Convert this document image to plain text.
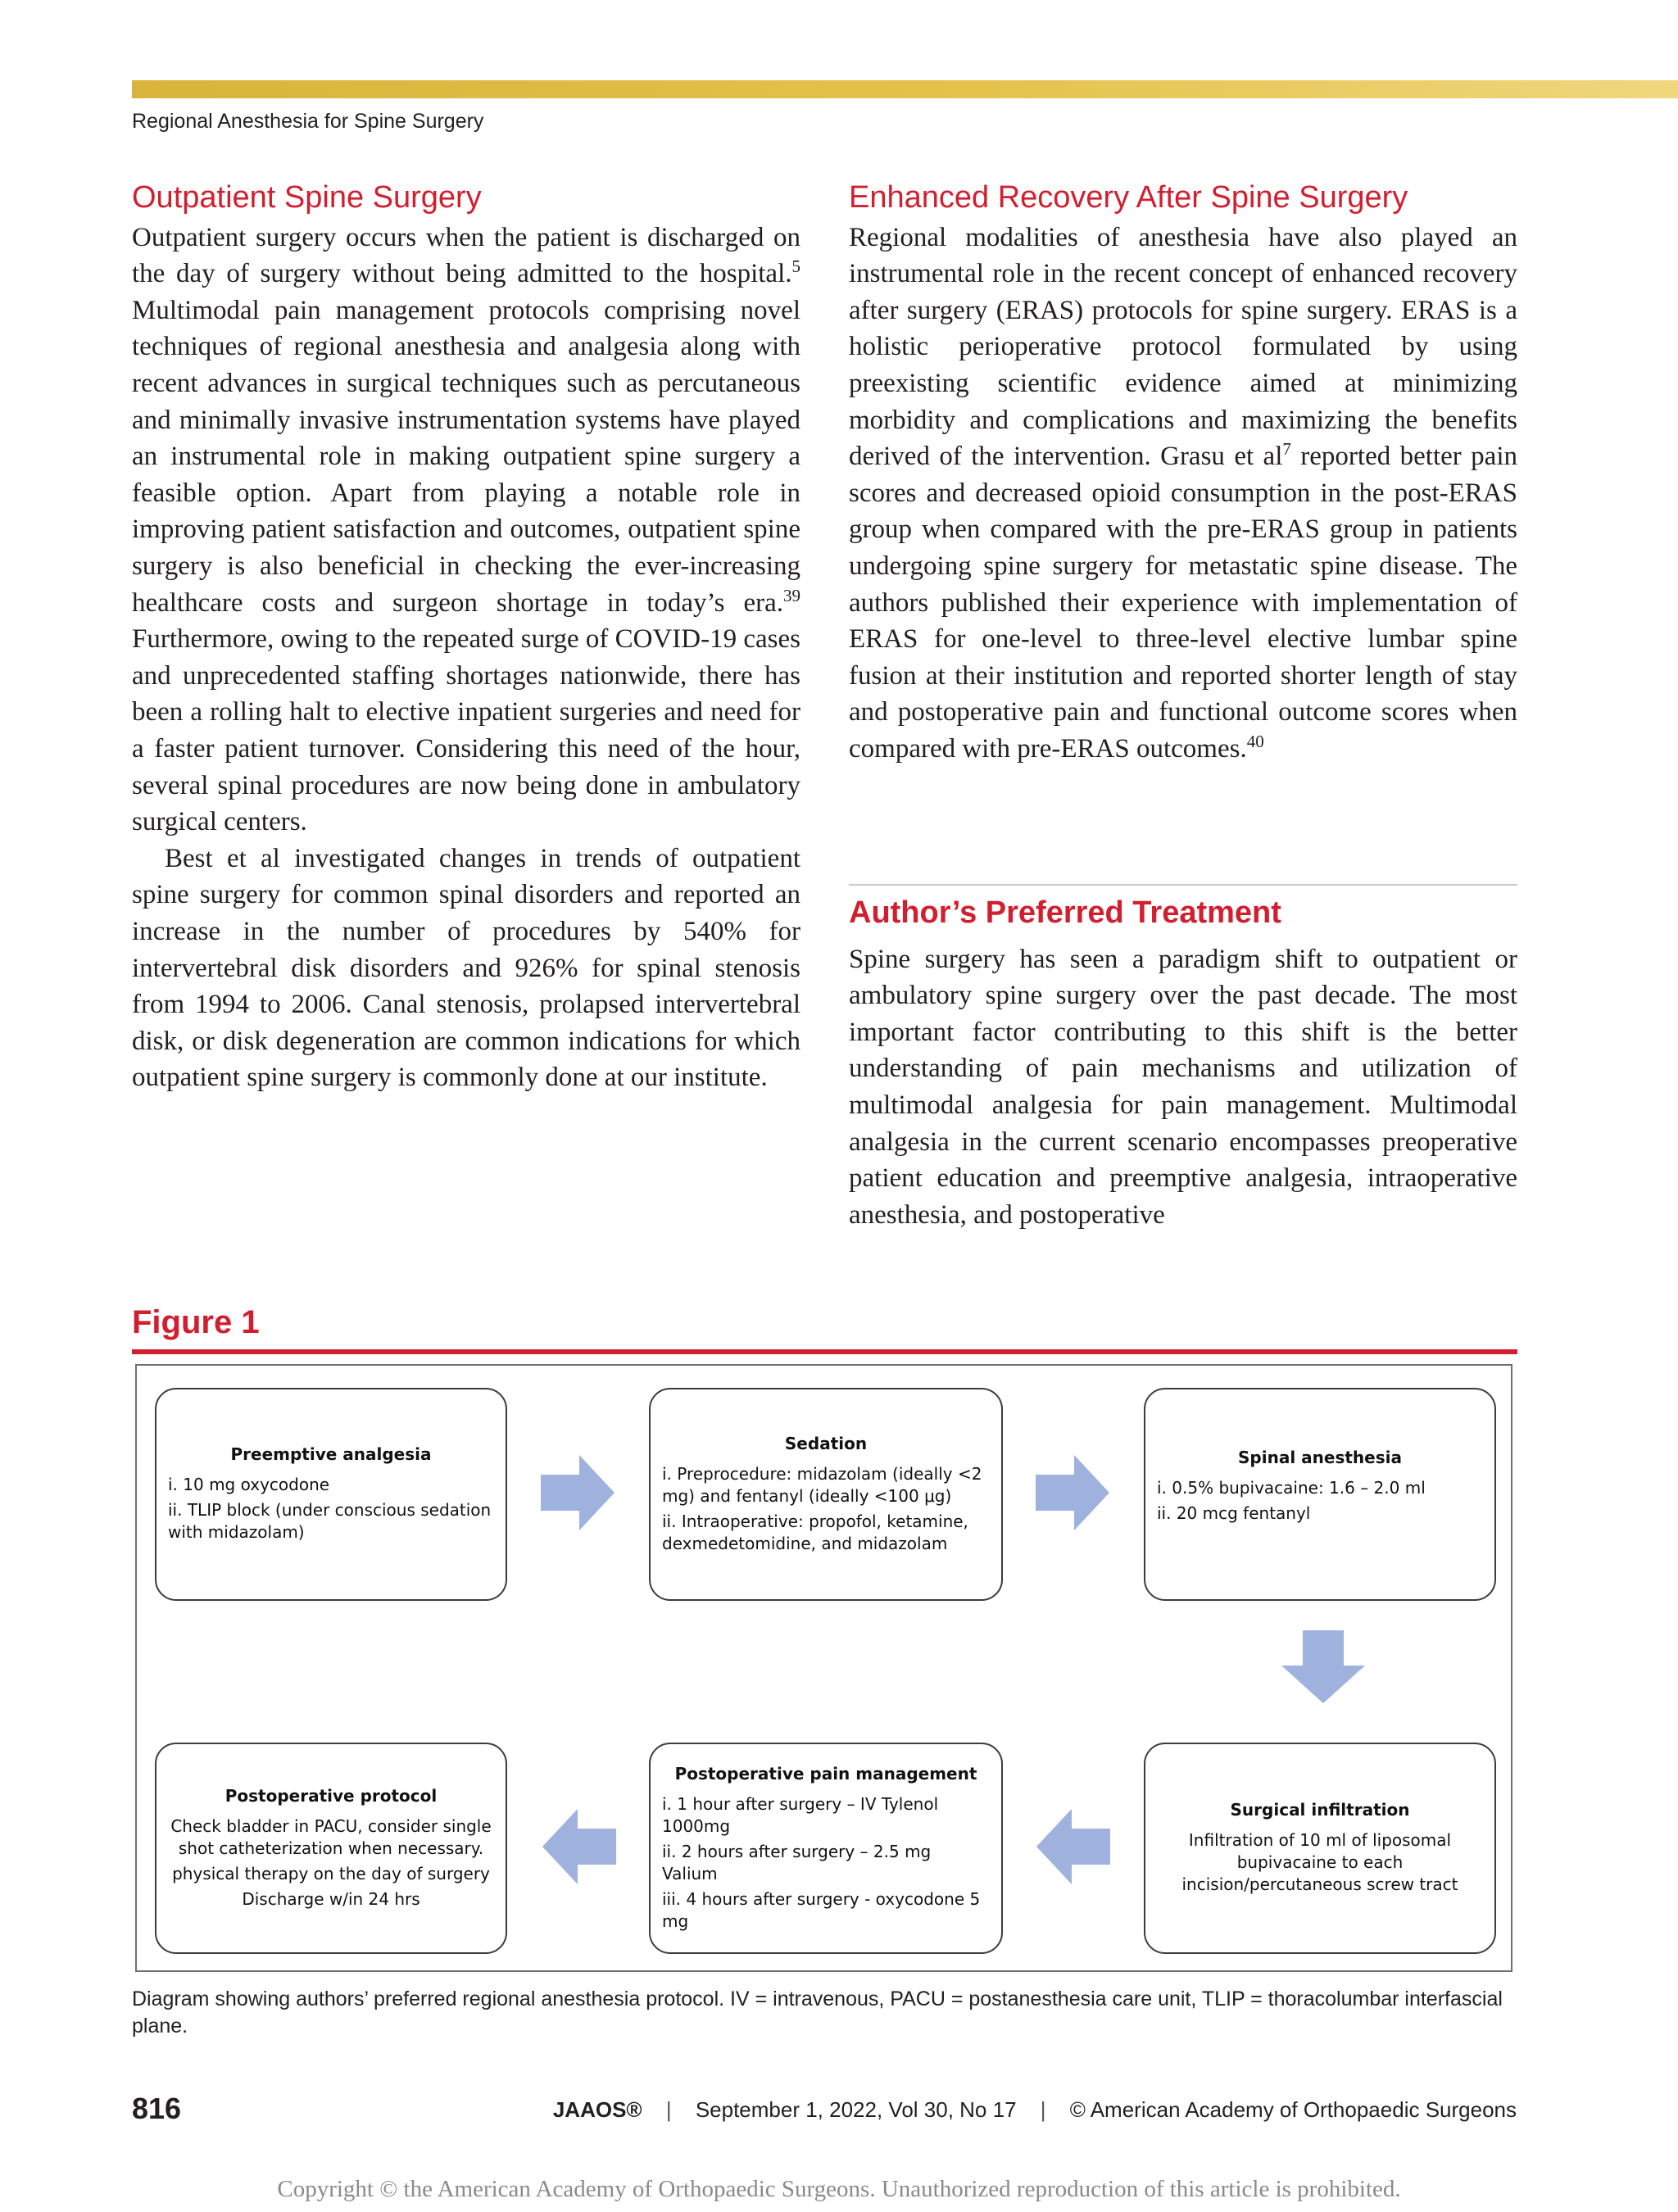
Regional Anesthesia for Spine Surgery
Outpatient Spine Surgery

Outpatient surgery occurs when the patient is discharged on the day of surgery without being admitted to the hospital.$^5$ Multimodal pain management protocols comprising novel techniques of regional anesthesia and analgesia along with recent advances in surgical techniques such as percutaneous and minimally invasive instrumentation systems have played an instrumental role in making outpatient spine surgery a feasible option. Apart from playing a notable role in improving patient satisfaction and outcomes, outpatient spine surgery is also beneficial in checking the ever-increasing healthcare costs and surgeon shortage in today’s era.$^{39}$ Furthermore, owing to the repeated surge of COVID-19 cases and unprecedented staffing shortages nationwide, there has been a rolling halt to elective inpatient surgeries and need for a faster patient turnover. Considering this need of the hour, several spinal procedures are now being done in ambulatory surgical centers.

Best et al investigated changes in trends of outpatient spine surgery for common spinal disorders and reported an increase in the number of procedures by 540% for intervertebral disk disorders and 926% for spinal stenosis from 1994 to 2006. Canal stenosis, prolapsed intervertebral disk, or disk degeneration are common indications for which outpatient spine surgery is commonly done at our institute.

Enhanced Recovery After Spine Surgery

Regional modalities of anesthesia have also played an instrumental role in the recent concept of enhanced recovery after surgery (ERAS) protocols for spine surgery. ERAS is a holistic perioperative protocol formulated by using preexisting scientific evidence aimed at minimizing morbidity and complications and maximizing the benefits derived of the intervention. Grasu et $al^7$ reported better pain scores and decreased opioid consumption in the post-ERAS group when compared with the pre-ERAS group in patients undergoing spine surgery for metastatic spine disease. The authors published their experience with implementation of ERAS for one-level to three-level elective lumbar spine fusion at their institution and reported shorter length of stay and postoperative pain and functional outcome scores when compared with pre-ERAS outcomes.$^{40}$

Author’s Preferred Treatment

Spine surgery has seen a paradigm shift to outpatient or ambulatory spine surgery over the past decade. The most important factor contributing to this shift is the better understanding of pain mechanisms and utilization of multimodal analgesia for pain management. Multimodal analgesia in the current scenario encompasses preoperative patient education and preemptive analgesia, intraoperative anesthesia, and postoperative

Figure 1
Preemptive analgesia
i. 10 mg oxycodone
ii. TLIP block (under conscious sedation with midazolam)
Sedation
i. Preprocedure: midazolam (ideally <2 mg) and fentanyl (ideally <100 μg)
ii. Intraoperative: propofol, ketamine, dexmedetomidine, and midazolam
Spinal anesthesia
i. 0.5% bupivacaine: 1.6 – 2.0 ml
ii. 20 mcg fentanyl
Postoperative protocol
Check bladder in PACU, consider single shot catheterization when necessary.
physical therapy on the day of surgery
Discharge w/in 24 hrs
Postoperative pain management
i. 1 hour after surgery – IV Tylenol 1000mg
ii. 2 hours after surgery – 2.5 mg Valium
iii. 4 hours after surgery - oxycodone 5 mg
Surgical infiltration
Infiltration of 10 ml of liposomal bupivacaine to each incision/percutaneous screw tract
Diagram showing authors’ preferred regional anesthesia protocol. IV = intravenous, PACU = postanesthesia care unit, TLIP = thoracolumbar interfascial plane.
816	JAAOS® | September 1, 2022, Vol 30, No 17 | © American Academy of Orthopaedic Surgeons
Copyright © the American Academy of Orthopaedic Surgeons. Unauthorized reproduction of this article is prohibited.
